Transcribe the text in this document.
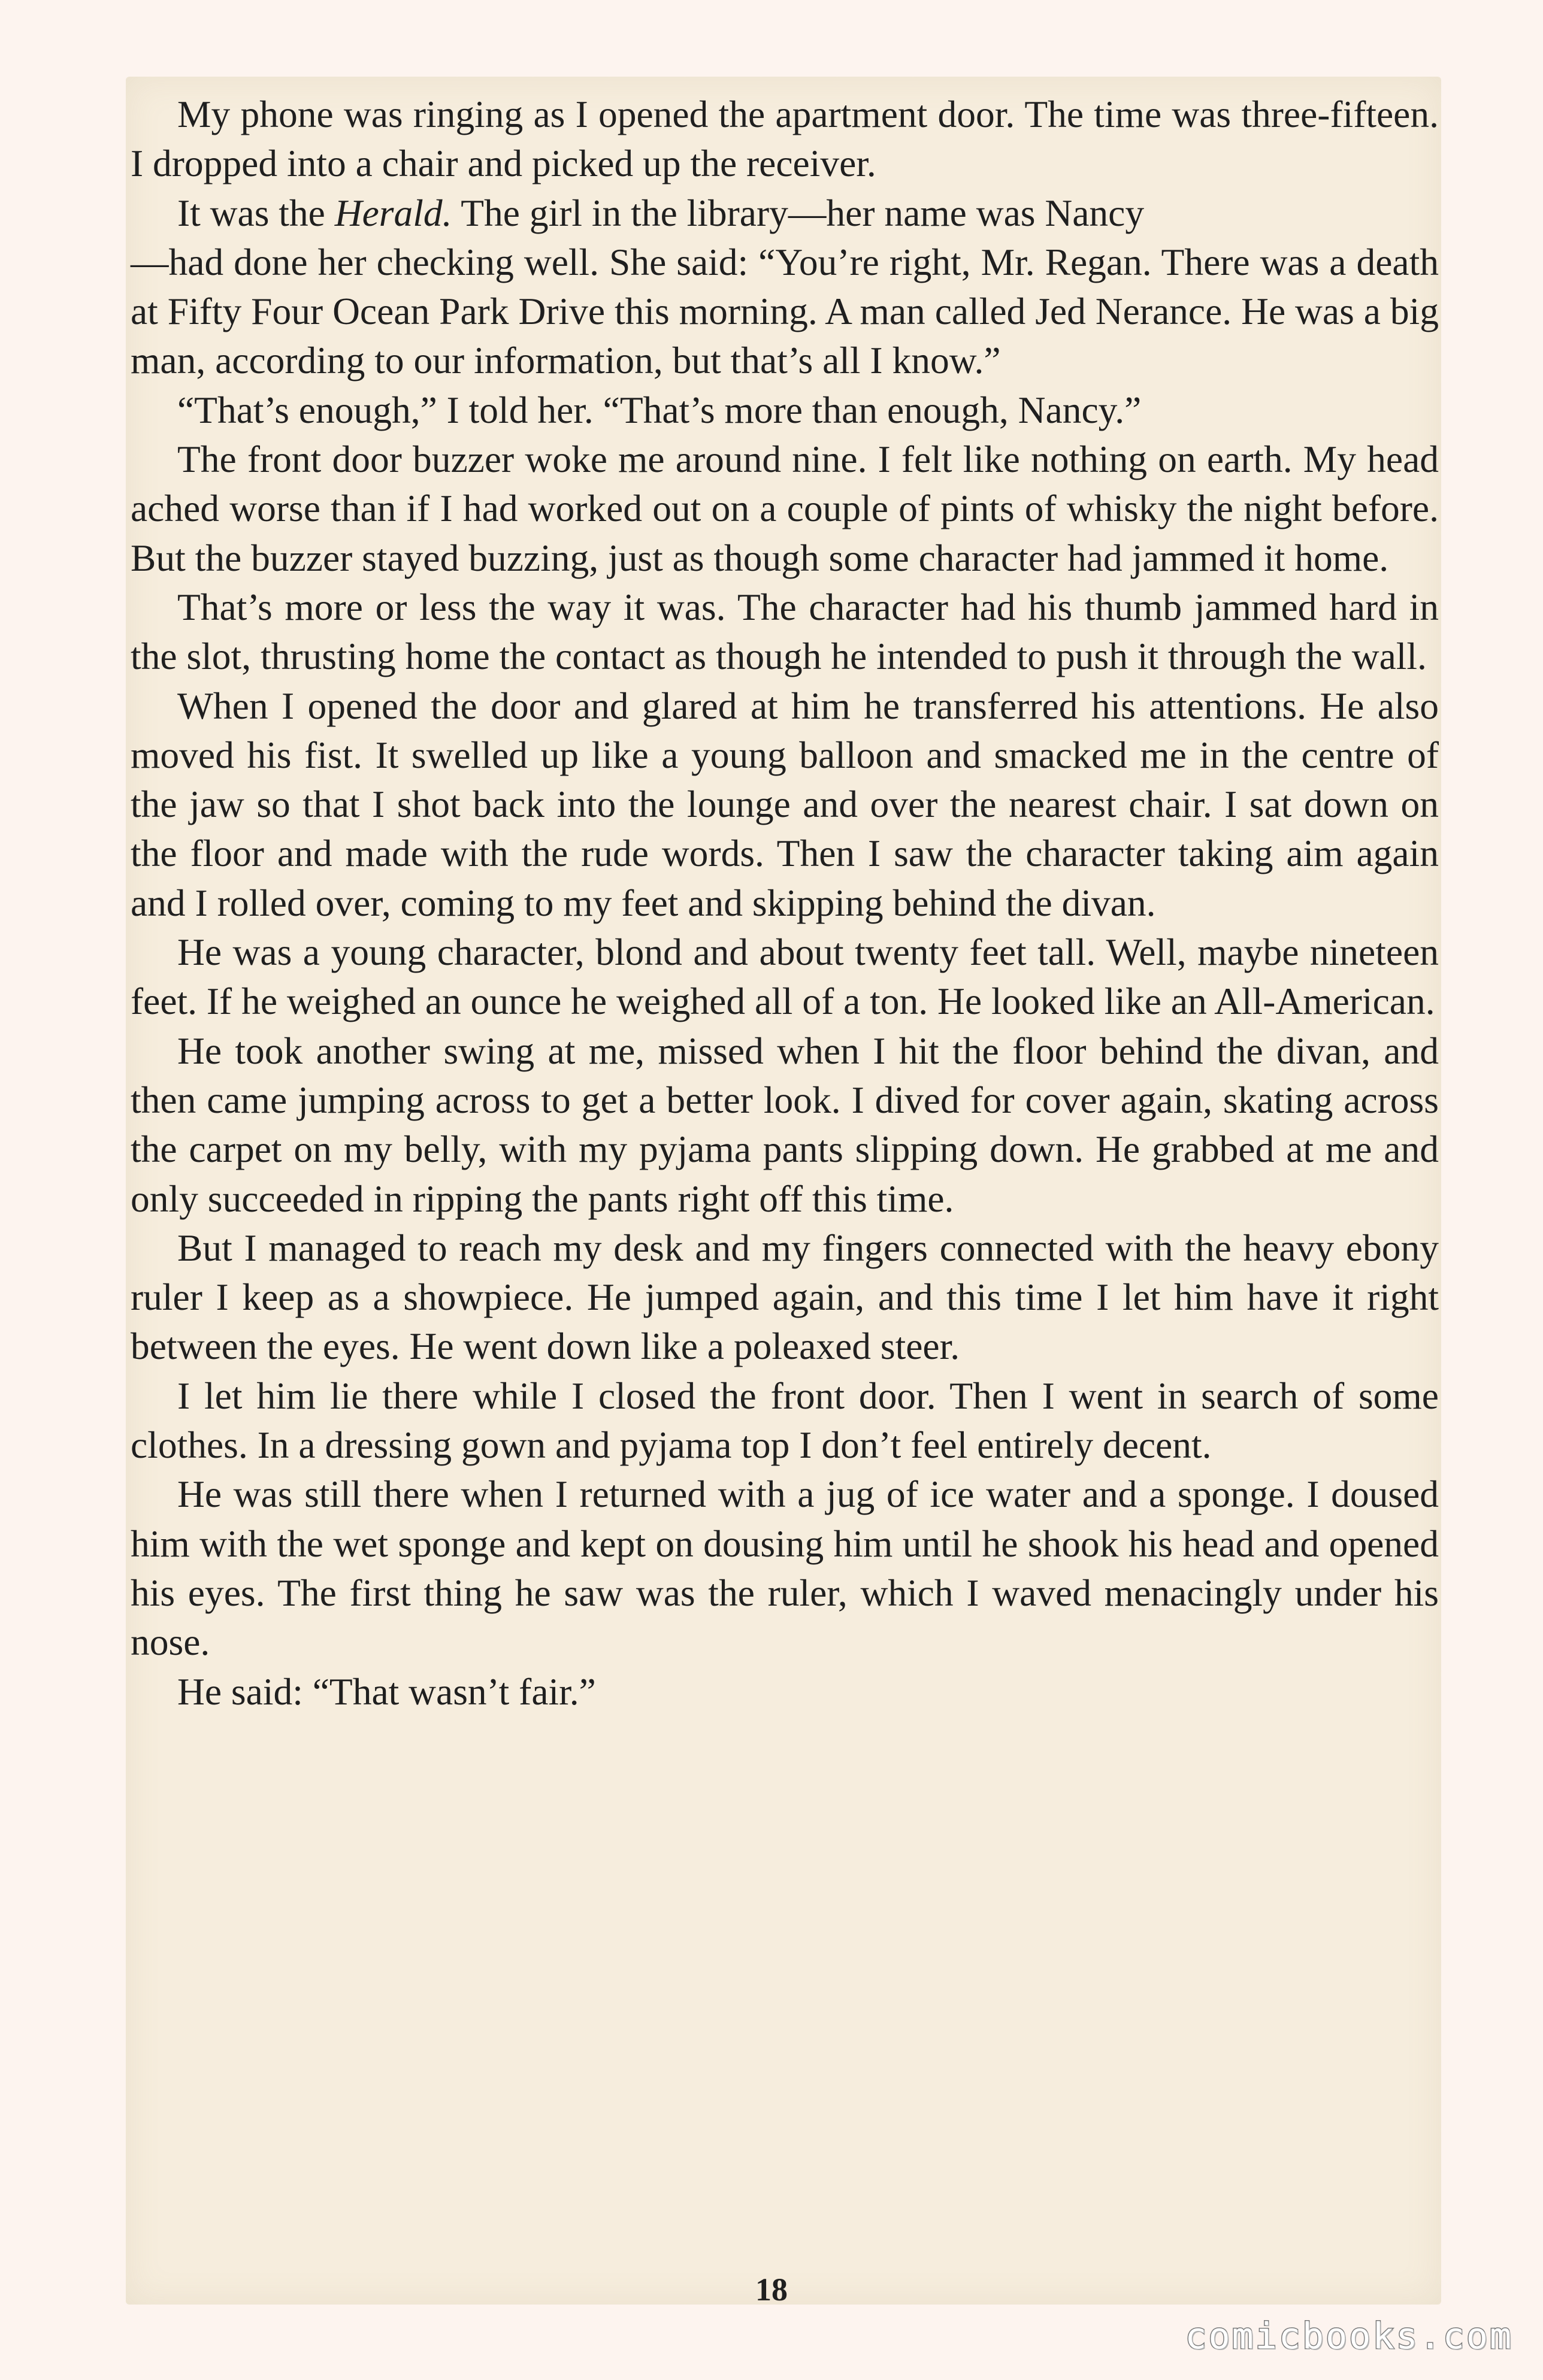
My phone was ringing as I opened the apartment door. The time was three-fifteen. I dropped into a chair and picked up the receiver.

It was the Herald. The girl in the library—her name was Nancy
—had done her checking well. She said: “You’re right, Mr. Regan. There was a death at Fifty Four Ocean Park Drive this morning. A man called Jed Nerance. He was a big man, according to our information, but that’s all I know.”

“That’s enough,” I told her. “That’s more than enough, Nancy.”

The front door buzzer woke me around nine. I felt like nothing on earth. My head ached worse than if I had worked out on a couple of pints of whisky the night before. But the buzzer stayed buzzing, just as though some character had jammed it home.

That’s more or less the way it was. The character had his thumb jammed hard in the slot, thrusting home the contact as though he intended to push it through the wall.

When I opened the door and glared at him he transferred his attentions. He also moved his fist. It swelled up like a young balloon and smacked me in the centre of the jaw so that I shot back into the lounge and over the nearest chair. I sat down on the floor and made with the rude words. Then I saw the character taking aim again and I rolled over, coming to my feet and skipping behind the divan.

He was a young character, blond and about twenty feet tall. Well, maybe nineteen feet. If he weighed an ounce he weighed all of a ton. He looked like an All-American.

He took another swing at me, missed when I hit the floor behind the divan, and then came jumping across to get a better look. I dived for cover again, skating across the carpet on my belly, with my pyjama pants slipping down. He grabbed at me and only succeeded in ripping the pants right off this time.

But I managed to reach my desk and my fingers connected with the heavy ebony ruler I keep as a showpiece. He jumped again, and this time I let him have it right between the eyes. He went down like a poleaxed steer.

I let him lie there while I closed the front door. Then I went in search of some clothes. In a dressing gown and pyjama top I don’t feel entirely decent.

He was still there when I returned with a jug of ice water and a sponge. I doused him with the wet sponge and kept on dousing him until he shook his head and opened his eyes. The first thing he saw was the ruler, which I waved menacingly under his nose.

He said: “That wasn’t fair.”

18
comicbooks.com
